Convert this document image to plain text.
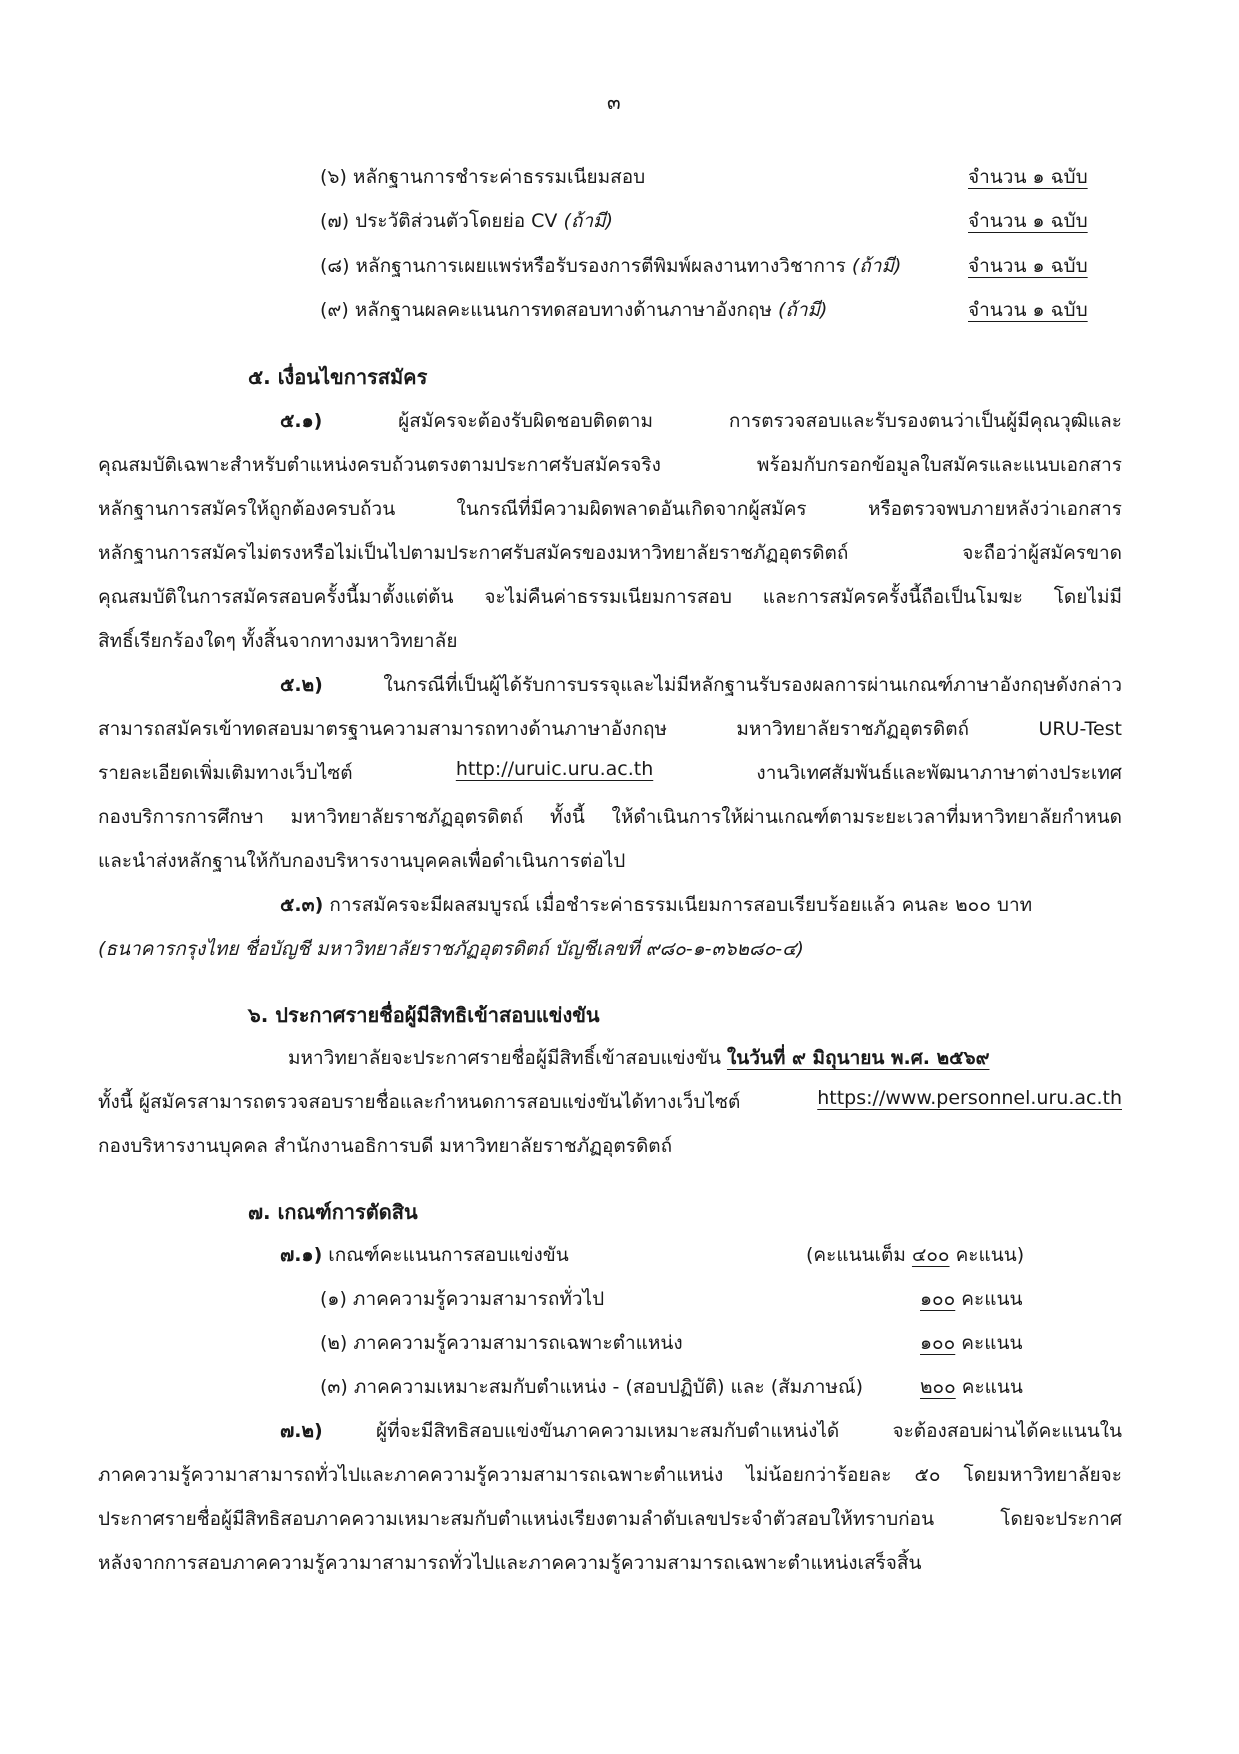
๓
(๖) หลักฐานการชำระค่าธรรมเนียมสอบ	จำนวน ๑ ฉบับ
(๗) ประวัติส่วนตัวโดยย่อ CV (ถ้ามี)	จำนวน ๑ ฉบับ
(๘) หลักฐานการเผยแพร่หรือรับรองการตีพิมพ์ผลงานทางวิชาการ (ถ้ามี)	จำนวน ๑ ฉบับ
(๙) หลักฐานผลคะแนนการทดสอบทางด้านภาษาอังกฤษ (ถ้ามี)	จำนวน ๑ ฉบับ
๕. เงื่อนไขการสมัคร
๕.๑) ผู้สมัครจะต้องรับผิดชอบติดตาม การตรวจสอบและรับรองตนว่าเป็นผู้มีคุณวุฒิและ
คุณสมบัติเฉพาะสำหรับตำแหน่งครบถ้วนตรงตามประกาศรับสมัครจริง พร้อมกับกรอกข้อมูลใบสมัครและแนบเอกสาร
หลักฐานการสมัครให้ถูกต้องครบถ้วน ในกรณีที่มีความผิดพลาดอันเกิดจากผู้สมัคร หรือตรวจพบภายหลังว่าเอกสาร
หลักฐานการสมัครไม่ตรงหรือไม่เป็นไปตามประกาศรับสมัครของมหาวิทยาลัยราชภัฏอุตรดิตถ์ จะถือว่าผู้สมัครขาด
คุณสมบัติในการสมัครสอบครั้งนี้มาตั้งแต่ต้น จะไม่คืนค่าธรรมเนียมการสอบ และการสมัครครั้งนี้ถือเป็นโมฆะ โดยไม่มี
สิทธิ์เรียกร้องใดๆ ทั้งสิ้นจากทางมหาวิทยาลัย
๕.๒) ในกรณีที่เป็นผู้ได้รับการบรรจุและไม่มีหลักฐานรับรองผลการผ่านเกณฑ์ภาษาอังกฤษดังกล่าว
สามารถสมัครเข้าทดสอบมาตรฐานความสามารถทางด้านภาษาอังกฤษ มหาวิทยาลัยราชภัฏอุตรดิตถ์ URU-Test
รายละเอียดเพิ่มเติมทางเว็บไซต์	http://uruic.uru.ac.th	งานวิเทศสัมพันธ์และพัฒนาภาษาต่างประเทศ
กองบริการการศึกษา มหาวิทยาลัยราชภัฏอุตรดิตถ์ ทั้งนี้ ให้ดำเนินการให้ผ่านเกณฑ์ตามระยะเวลาที่มหาวิทยาลัยกำหนด
และนำส่งหลักฐานให้กับกองบริหารงานบุคคลเพื่อดำเนินการต่อไป
๕.๓) การสมัครจะมีผลสมบูรณ์ เมื่อชำระค่าธรรมเนียมการสอบเรียบร้อยแล้ว คนละ ๒๐๐ บาท
(ธนาคารกรุงไทย ชื่อบัญชี มหาวิทยาลัยราชภัฏอุตรดิตถ์ บัญชีเลขที่ ๙๘๐-๑-๓๖๒๘๐-๔)
๖. ประกาศรายชื่อผู้มีสิทธิเข้าสอบแข่งขัน
มหาวิทยาลัยจะประกาศรายชื่อผู้มีสิทธิ์เข้าสอบแข่งขัน ในวันที่ ๙ มิถุนายน พ.ศ. ๒๕๖๙
ทั้งนี้ ผู้สมัครสามารถตรวจสอบรายชื่อและกำหนดการสอบแข่งขันได้ทางเว็บไซต์	https://www.personnel.uru.ac.th
กองบริหารงานบุคคล สำนักงานอธิการบดี มหาวิทยาลัยราชภัฏอุตรดิตถ์
๗. เกณฑ์การตัดสิน
๗.๑) เกณฑ์คะแนนการสอบแข่งขัน	(คะแนนเต็ม ๔๐๐ คะแนน)
(๑) ภาคความรู้ความสามารถทั่วไป	๑๐๐ คะแนน
(๒) ภาคความรู้ความสามารถเฉพาะตำแหน่ง	๑๐๐ คะแนน
(๓) ภาคความเหมาะสมกับตำแหน่ง - (สอบปฏิบัติ) และ (สัมภาษณ์)	๒๐๐ คะแนน
๗.๒) ผู้ที่จะมีสิทธิสอบแข่งขันภาคความเหมาะสมกับตำแหน่งได้ จะต้องสอบผ่านได้คะแนนใน
ภาคความรู้ความาสามารถทั่วไปและภาคความรู้ความสามารถเฉพาะตำแหน่ง ไม่น้อยกว่าร้อยละ ๕๐ โดยมหาวิทยาลัยจะ
ประกาศรายชื่อผู้มีสิทธิสอบภาคความเหมาะสมกับตำแหน่งเรียงตามลำดับเลขประจำตัวสอบให้ทราบก่อน โดยจะประกาศ
หลังจากการสอบภาคความรู้ความาสามารถทั่วไปและภาคความรู้ความสามารถเฉพาะตำแหน่งเสร็จสิ้น
